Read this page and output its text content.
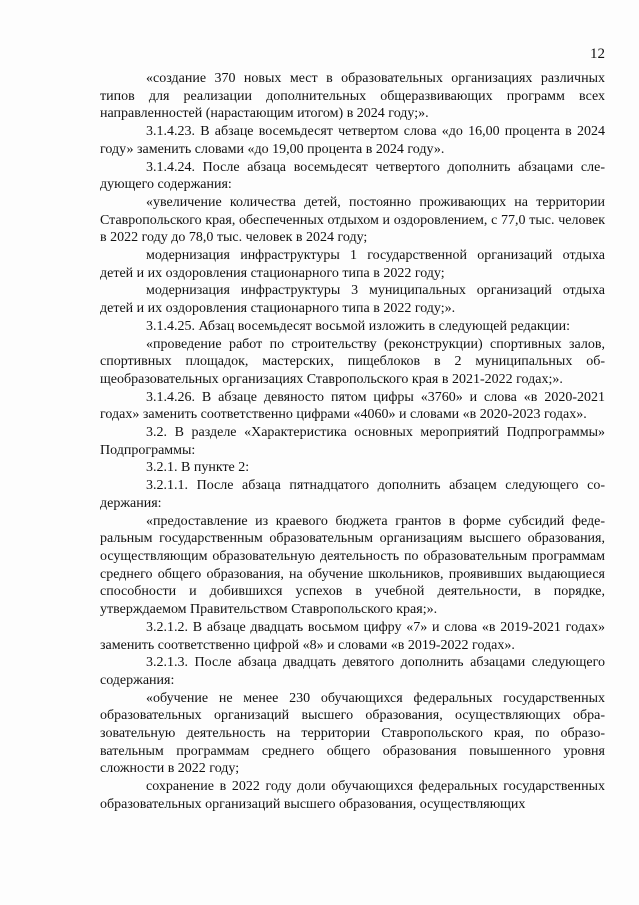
12

«создание 370 новых мест в образовательных организациях различных типов для реализации дополнительных общеразвивающих программ всех направленностей (нарастающим итогом) в 2024 году;».

3.1.4.23. В абзаце восемьдесят четвертом слова «до 16,00 процента в 2024 году» заменить словами «до 19,00 процента в 2024 году».

3.1.4.24. После абзаца восемьдесят четвертого дополнить абзацами следующего содержания:

«увеличение количества детей, постоянно проживающих на территории Ставропольского края, обеспеченных отдыхом и оздоровлением, с 77,0 тыс. человек в 2022 году до 78,0 тыс. человек в 2024 году;

модернизация инфраструктуры 1 государственной организаций отдыха детей и их оздоровления стационарного типа в 2022 году;

модернизация инфраструктуры 3 муниципальных организаций отдыха детей и их оздоровления стационарного типа в 2022 году;».

3.1.4.25. Абзац восемьдесят восьмой изложить в следующей редакции:

«проведение работ по строительству (реконструкции) спортивных залов, спортивных площадок, мастерских, пищеблоков в 2 муниципальных общеобразовательных организациях Ставропольского края в 2021-2022 годах;».

3.1.4.26. В абзаце девяносто пятом цифры «3760» и слова «в 2020-2021 годах» заменить соответственно цифрами «4060» и словами «в 2020-2023 годах».

3.2. В разделе «Характеристика основных мероприятий Подпрограммы» Подпрограммы:

3.2.1. В пункте 2:

3.2.1.1. После абзаца пятнадцатого дополнить абзацем следующего содержания:

«предоставление из краевого бюджета грантов в форме субсидий федеральным государственным образовательным организациям высшего образования, осуществляющим образовательную деятельность по образовательным программам среднего общего образования, на обучение школьников, проявивших выдающиеся способности и добившихся успехов в учебной деятельности, в порядке, утверждаемом Правительством Ставропольского края;».

3.2.1.2. В абзаце двадцать восьмом цифру «7» и слова «в 2019-2021 годах» заменить соответственно цифрой «8» и словами «в 2019-2022 годах».

3.2.1.3. После абзаца двадцать девятого дополнить абзацами следующего содержания:

«обучение не менее 230 обучающихся федеральных государственных образовательных организаций высшего образования, осуществляющих образовательную деятельность на территории Ставропольского края, по образовательным программам среднего общего образования повышенного уровня сложности в 2022 году;

сохранение в 2022 году доли обучающихся федеральных государственных образовательных организаций высшего образования, осуществляющих
